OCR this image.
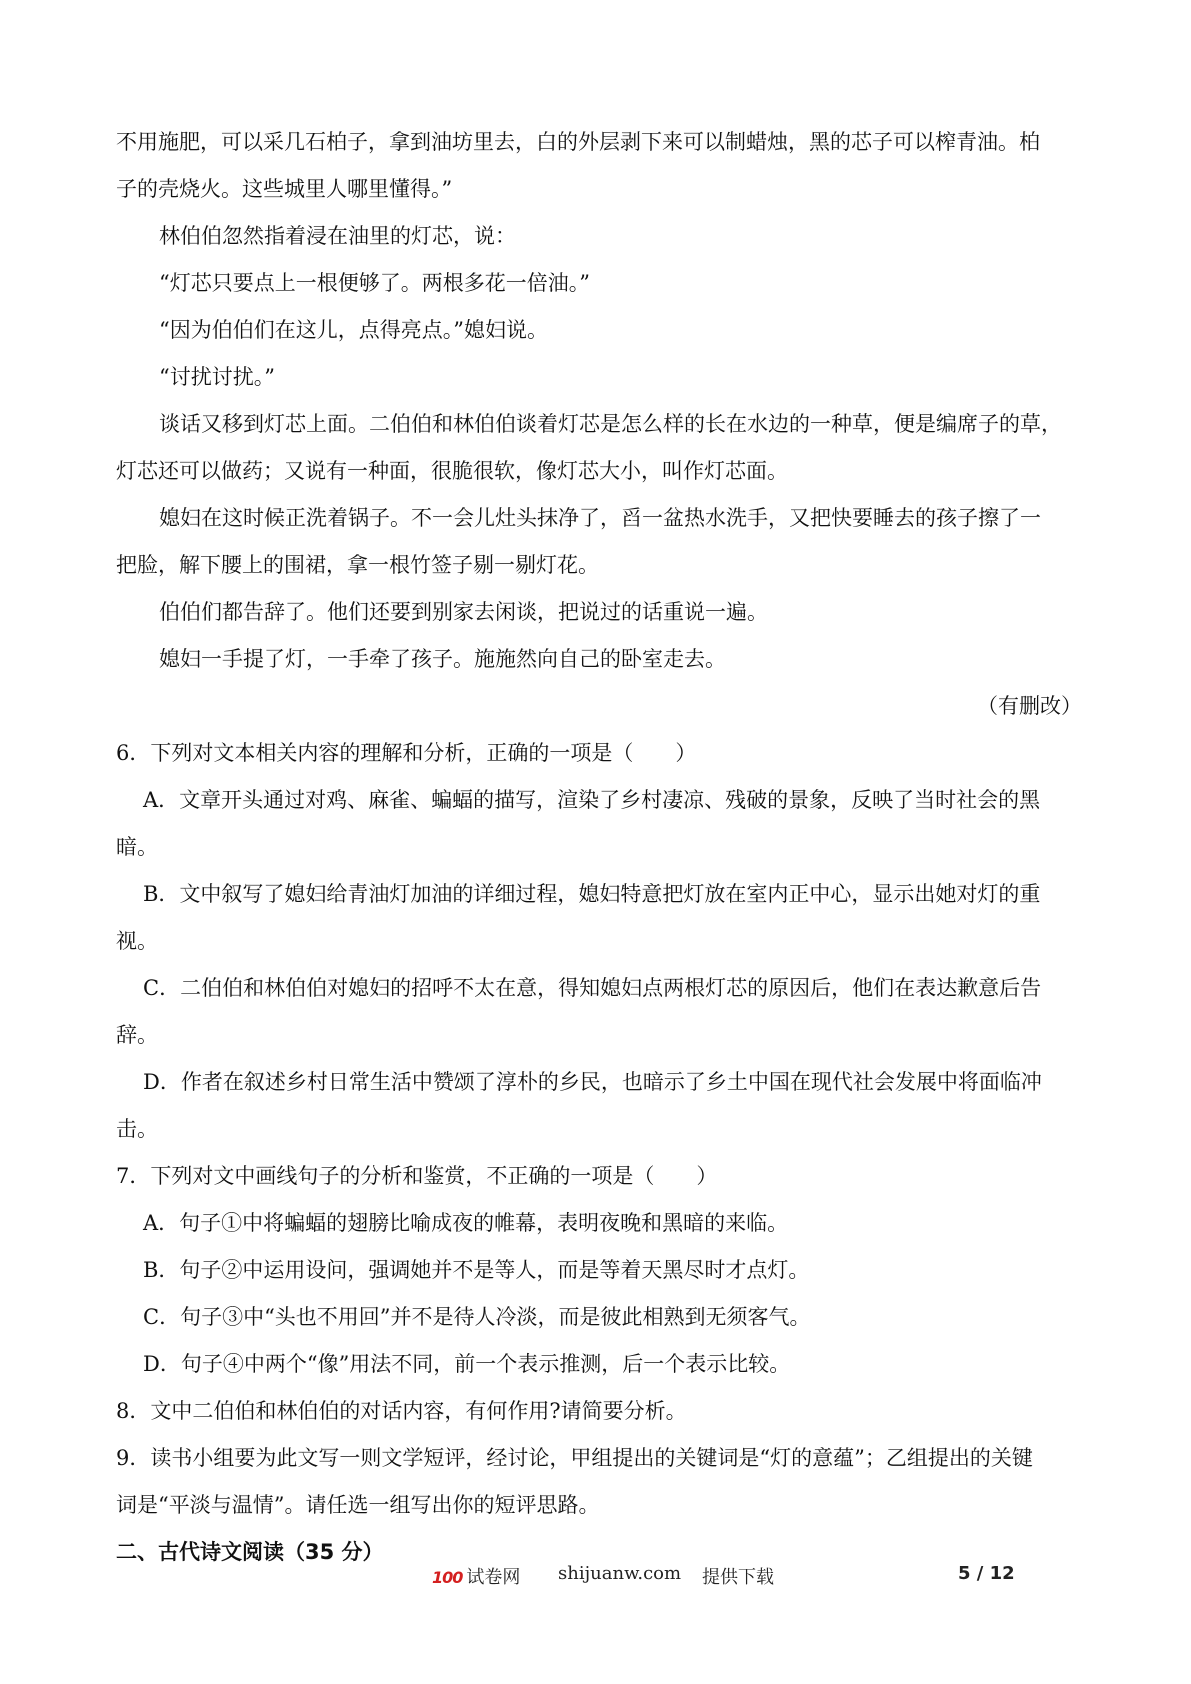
不用施肥，可以采几石柏子，拿到油坊里去，白的外层剥下来可以制蜡烛，黑的芯子可以榨青油。柏

子的壳烧火。这些城里人哪里懂得。”

林伯伯忽然指着浸在油里的灯芯，说：

“灯芯只要点上一根便够了。两根多花一倍油。”

“因为伯伯们在这儿，点得亮点。”媳妇说。

“讨扰讨扰。”

谈话又移到灯芯上面。二伯伯和林伯伯谈着灯芯是怎么样的长在水边的一种草，便是编席子的草，

灯芯还可以做药；又说有一种面，很脆很软，像灯芯大小，叫作灯芯面。

媳妇在这时候正洗着锅子。不一会儿灶头抹净了，舀一盆热水洗手，又把快要睡去的孩子擦了一

把脸，解下腰上的围裙，拿一根竹签子剔一剔灯花。

伯伯们都告辞了。他们还要到别家去闲谈，把说过的话重说一遍。

媳妇一手提了灯，一手牵了孩子。施施然向自己的卧室走去。

（有删改）

6．下列对文本相关内容的理解和分析，正确的一项是（　　）

A．文章开头通过对鸡、麻雀、蝙蝠的描写，渲染了乡村凄凉、残破的景象，反映了当时社会的黑

暗。

B．文中叙写了媳妇给青油灯加油的详细过程，媳妇特意把灯放在室内正中心，显示出她对灯的重

视。

C．二伯伯和林伯伯对媳妇的招呼不太在意，得知媳妇点两根灯芯的原因后，他们在表达歉意后告

辞。

D．作者在叙述乡村日常生活中赞颂了淳朴的乡民，也暗示了乡土中国在现代社会发展中将面临冲

击。

7．下列对文中画线句子的分析和鉴赏，不正确的一项是（　　）

A．句子①中将蝙蝠的翅膀比喻成夜的帷幕，表明夜晚和黑暗的来临。

B．句子②中运用设问，强调她并不是等人，而是等着天黑尽时才点灯。

C．句子③中“头也不用回”并不是待人冷淡，而是彼此相熟到无须客气。

D．句子④中两个“像”用法不同，前一个表示推测，后一个表示比较。

8．文中二伯伯和林伯伯的对话内容，有何作用?请简要分析。

9．读书小组要为此文写一则文学短评，经讨论，甲组提出的关键词是“灯的意蕴”；乙组提出的关键

词是“平淡与温情”。请任选一组写出你的短评思路。

二、古代诗文阅读（35 分）

100 试卷网 shijuanw.com 提供下载	5 / 12
